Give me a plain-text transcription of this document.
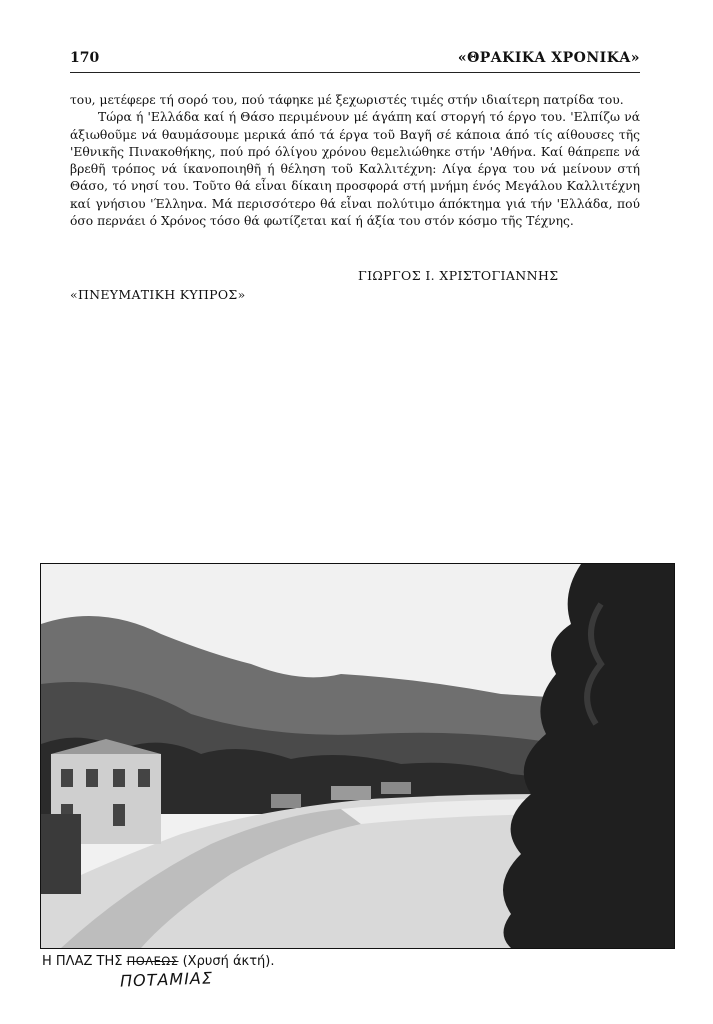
170	«ΘΡΑΚΙΚΑ ΧΡΟΝΙΚΑ»

του, μετέφερε τή σορό του, πού τάφηκε μέ ξεχωριστές τιμές στήν ιδιαίτερη πατρίδα του.

Τώρα ή 'Ελλάδα καί ή Θάσο περιμένουν μέ άγάπη καί στοργή τό έργο του. 'Ελπίζω νά άξιωθοῦμε νά θαυμάσουμε μερικά άπό τά έργα τοῦ Βαγῆ σέ κάποια άπό τίς αίθουσες τῆς 'Εθνικῆς Πινακοθήκης, πού πρό όλίγου χρόνου θεμελιώθηκε στήν 'Αθήνα. Καί θάπρεπε νά βρεθῆ τρόπος νά ίκανοποιηθῆ ή θέληση τοῦ Καλλιτέχνη: Λίγα έργα του νά μείνουν στή Θάσο, τό νησί του. Τοῦτο θά εἶναι δίκαιη προσφορά στή μνήμη ένός Μεγάλου Καλλιτέχνη καί γνήσιου 'Έλληνα. Μά περισσότερο θά εἶναι πολύτιμο άπόκτημα γιά τήν 'Ελλάδα, πού όσο περνάει ό Χρόνος τόσο θά φωτίζεται καί ή άξία του στόν κόσμο τῆς Τέχνης.

ΓΙΩΡΓΟΣ Ι. ΧΡΙΣΤΟΓΙΑΝΝΗΣ
«ΠΝΕΥΜΑΤΙΚΗ ΚΥΠΡΟΣ»
Η ΠΛΑΖ ΤΗΣ ΠΟΛΕΩΣ (Χρυσή άκτή).
ΠΟΤΑΜΙΑΣ
